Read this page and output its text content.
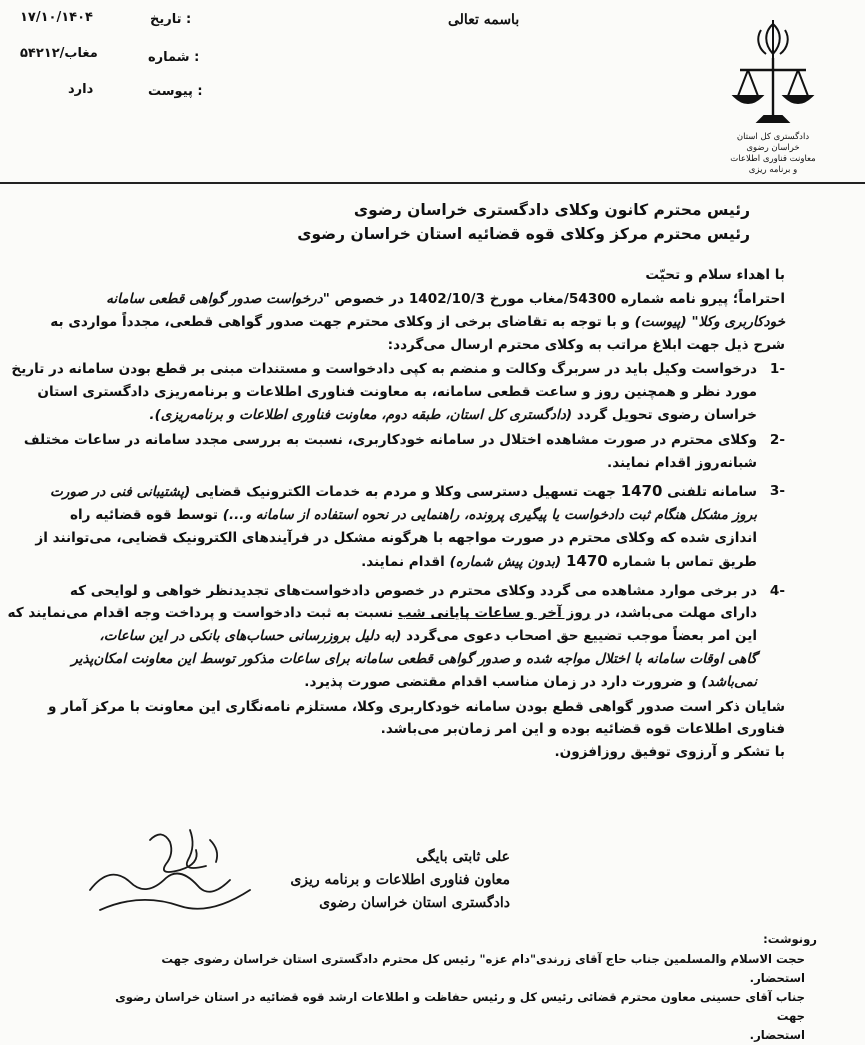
۱۷/۱۰/۱۴۰۴	تاریخ :
۵۴۲۱۲/مغاب	شماره :
دارد	پیوست :
باسمه تعالی
دادگستری کل استان خراسان رضوی
معاونت فناوری اطلاعات و برنامه ریزی
رئیس محترم کانون وکلای دادگستری خراسان رضوی
رئیس محترم مرکز وکلای قوه قضائیه استان خراسان رضوی
با اهداء سلام و تحیّت
احتراماً؛ پیرو نامه شماره 54300/مغاب مورخ 1402/10/3 در خصوص "درخواست صدور گواهی قطعی سامانه
خودکاربری وکلا" (پیوست) و با توجه به تقاضای برخی از وکلای محترم جهت صدور گواهی قطعی، مجدداً مواردی به
شرح ذیل جهت ابلاغ مراتب به وکلای محترم ارسال می‌گردد:
-1
درخواست وکیل باید در سربرگ وکالت و منضم به کپی دادخواست و مستندات مبنی بر قطع بودن سامانه در تاریخ
مورد نظر و همچنین روز و ساعت قطعی سامانه، به معاونت فناوری اطلاعات و برنامه‌ریزی دادگستری استان
خراسان رضوی تحویل گردد (دادگستری کل استان، طبقه دوم، معاونت فناوری اطلاعات و برنامه‌ریزی).
-2
وکلای محترم در صورت مشاهده اختلال در سامانه خودکاربری، نسبت به بررسی مجدد سامانه در ساعات مختلف
شبانه‌روز اقدام نمایند.
-3
سامانه تلفنی 1470 جهت تسهیل دسترسی وکلا و مردم به خدمات الکترونیک قضایی (پشتیبانی فنی در صورت
بروز مشکل هنگام ثبت دادخواست یا پیگیری پرونده، راهنمایی در نحوه استفاده از سامانه و...) توسط قوه قضائیه راه
اندازی شده که وکلای محترم در صورت مواجهه با هرگونه مشکل در فرآیندهای الکترونیک قضایی، می‌توانند از
طریق تماس با شماره 1470 (بدون پیش شماره) اقدام نمایند.
-4
در برخی موارد مشاهده می گردد وکلای محترم در خصوص دادخواست‌های تجدیدنظر خواهی و لوایحی که
دارای مهلت می‌باشد، در روز آخر و ساعات پایانی شب نسبت به ثبت دادخواست و پرداخت وجه اقدام می‌نمایند که
این امر بعضاً موجب تضییع حق اصحاب دعوی می‌گردد (به دلیل بروزرسانی حساب‌های بانکی در این ساعات،
گاهی اوقات سامانه با اختلال مواجه شده و صدور گواهی قطعی سامانه برای ساعات مذکور توسط این معاونت امکان‌پذیر
نمی‌باشد) و ضرورت دارد در زمان مناسب اقدام مقتضی صورت پذیرد.
شایان ذکر است صدور گواهی قطع بودن سامانه خودکاربری وکلا، مستلزم نامه‌نگاری این معاونت با مرکز آمار و
فناوری اطلاعات قوه قضائیه بوده و این امر زمان‌بر می‌باشد.
با تشکر و آرزوی توفیق روزافزون.
علی ثابتی بایگی
معاون فناوری اطلاعات و برنامه ریزی
دادگستری استان خراسان رضوی
رونوشت:
حجت الاسلام والمسلمین جناب حاج آقای زرندی"دام عزه" رئیس کل محترم دادگستری استان خراسان رضوی جهت استحضار.
جناب آقای حسینی معاون محترم قضائی رئیس کل و رئیس حفاظت و اطلاعات ارشد قوه قضائیه در استان خراسان رضوی جهت
استحضار.
